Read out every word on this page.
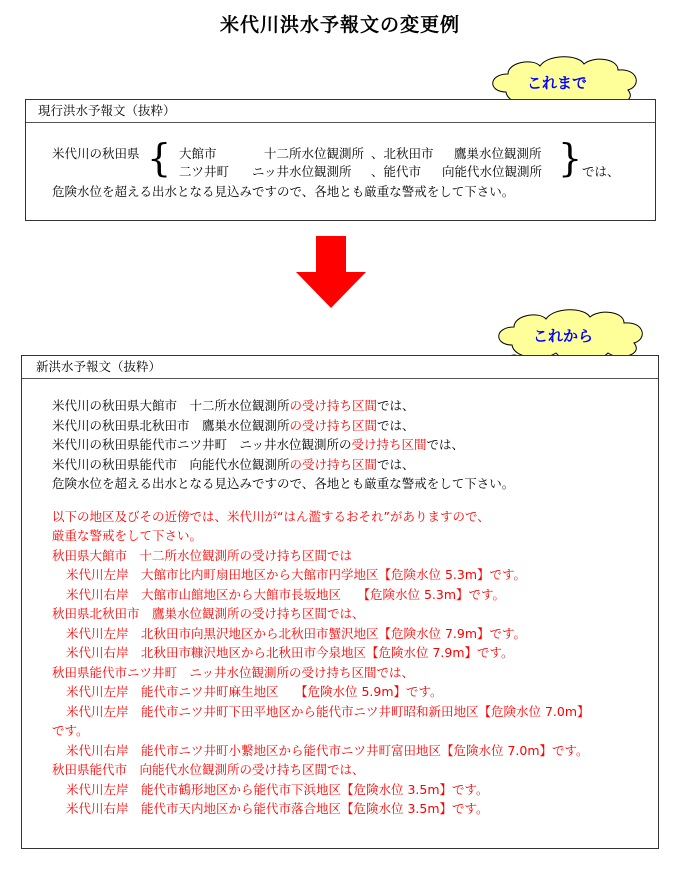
米代川洪水予報文の変更例
これまで
現行洪水予報文（抜粋）
米代川の秋田県 { 大館市	十二所水位観測所 、北秋田市 鷹巣水位観測所
二ツ井町 ニッ井水位観測所 、能代市 向能代水位観測所 } では、
危険水位を超える出水となる見込みですので、各地とも厳重な警戒をして下さい。
これから
新洪水予報文（抜粋）
米代川の秋田県大館市　十二所水位観測所の受け持ち区間では、
米代川の秋田県北秋田市　鷹巣水位観測所の受け持ち区間では、
米代川の秋田県能代市ニツ井町　ニッ井水位観測所の受け持ち区間では、
米代川の秋田県能代市　向能代水位観測所の受け持ち区間では、
危険水位を超える出水となる見込みですので、各地とも厳重な警戒をして下さい。
以下の地区及びその近傍では、米代川が“はん濫するおそれ”がありますので、
厳重な警戒をして下さい。
秋田県大館市　十二所水位観測所の受け持ち区間では
米代川左岸　大館市比内町扇田地区から大館市円学地区【危険水位 5.3m】です。
米代川右岸　大館市山館地区から大館市長坂地区　 【危険水位 5.3m】です。
秋田県北秋田市　鷹巣水位観測所の受け持ち区間では、
米代川左岸　北秋田市向黒沢地区から北秋田市蟹沢地区【危険水位 7.9m】です。
米代川右岸　北秋田市糠沢地区から北秋田市今泉地区【危険水位 7.9m】です。
秋田県能代市ニツ井町　ニッ井水位観測所の受け持ち区間では、
米代川左岸　能代市ニツ井町麻生地区　 【危険水位 5.9m】です。
米代川左岸　能代市ニツ井町下田平地区から能代市ニツ井町昭和新田地区【危険水位 7.0m】
です。
米代川右岸　能代市ニツ井町小繋地区から能代市ニツ井町富田地区【危険水位 7.0m】です。
秋田県能代市　向能代水位観測所の受け持ち区間では、
米代川左岸　能代市鶴形地区から能代市下浜地区【危険水位 3.5m】です。
米代川右岸　能代市天内地区から能代市落合地区【危険水位 3.5m】です。
